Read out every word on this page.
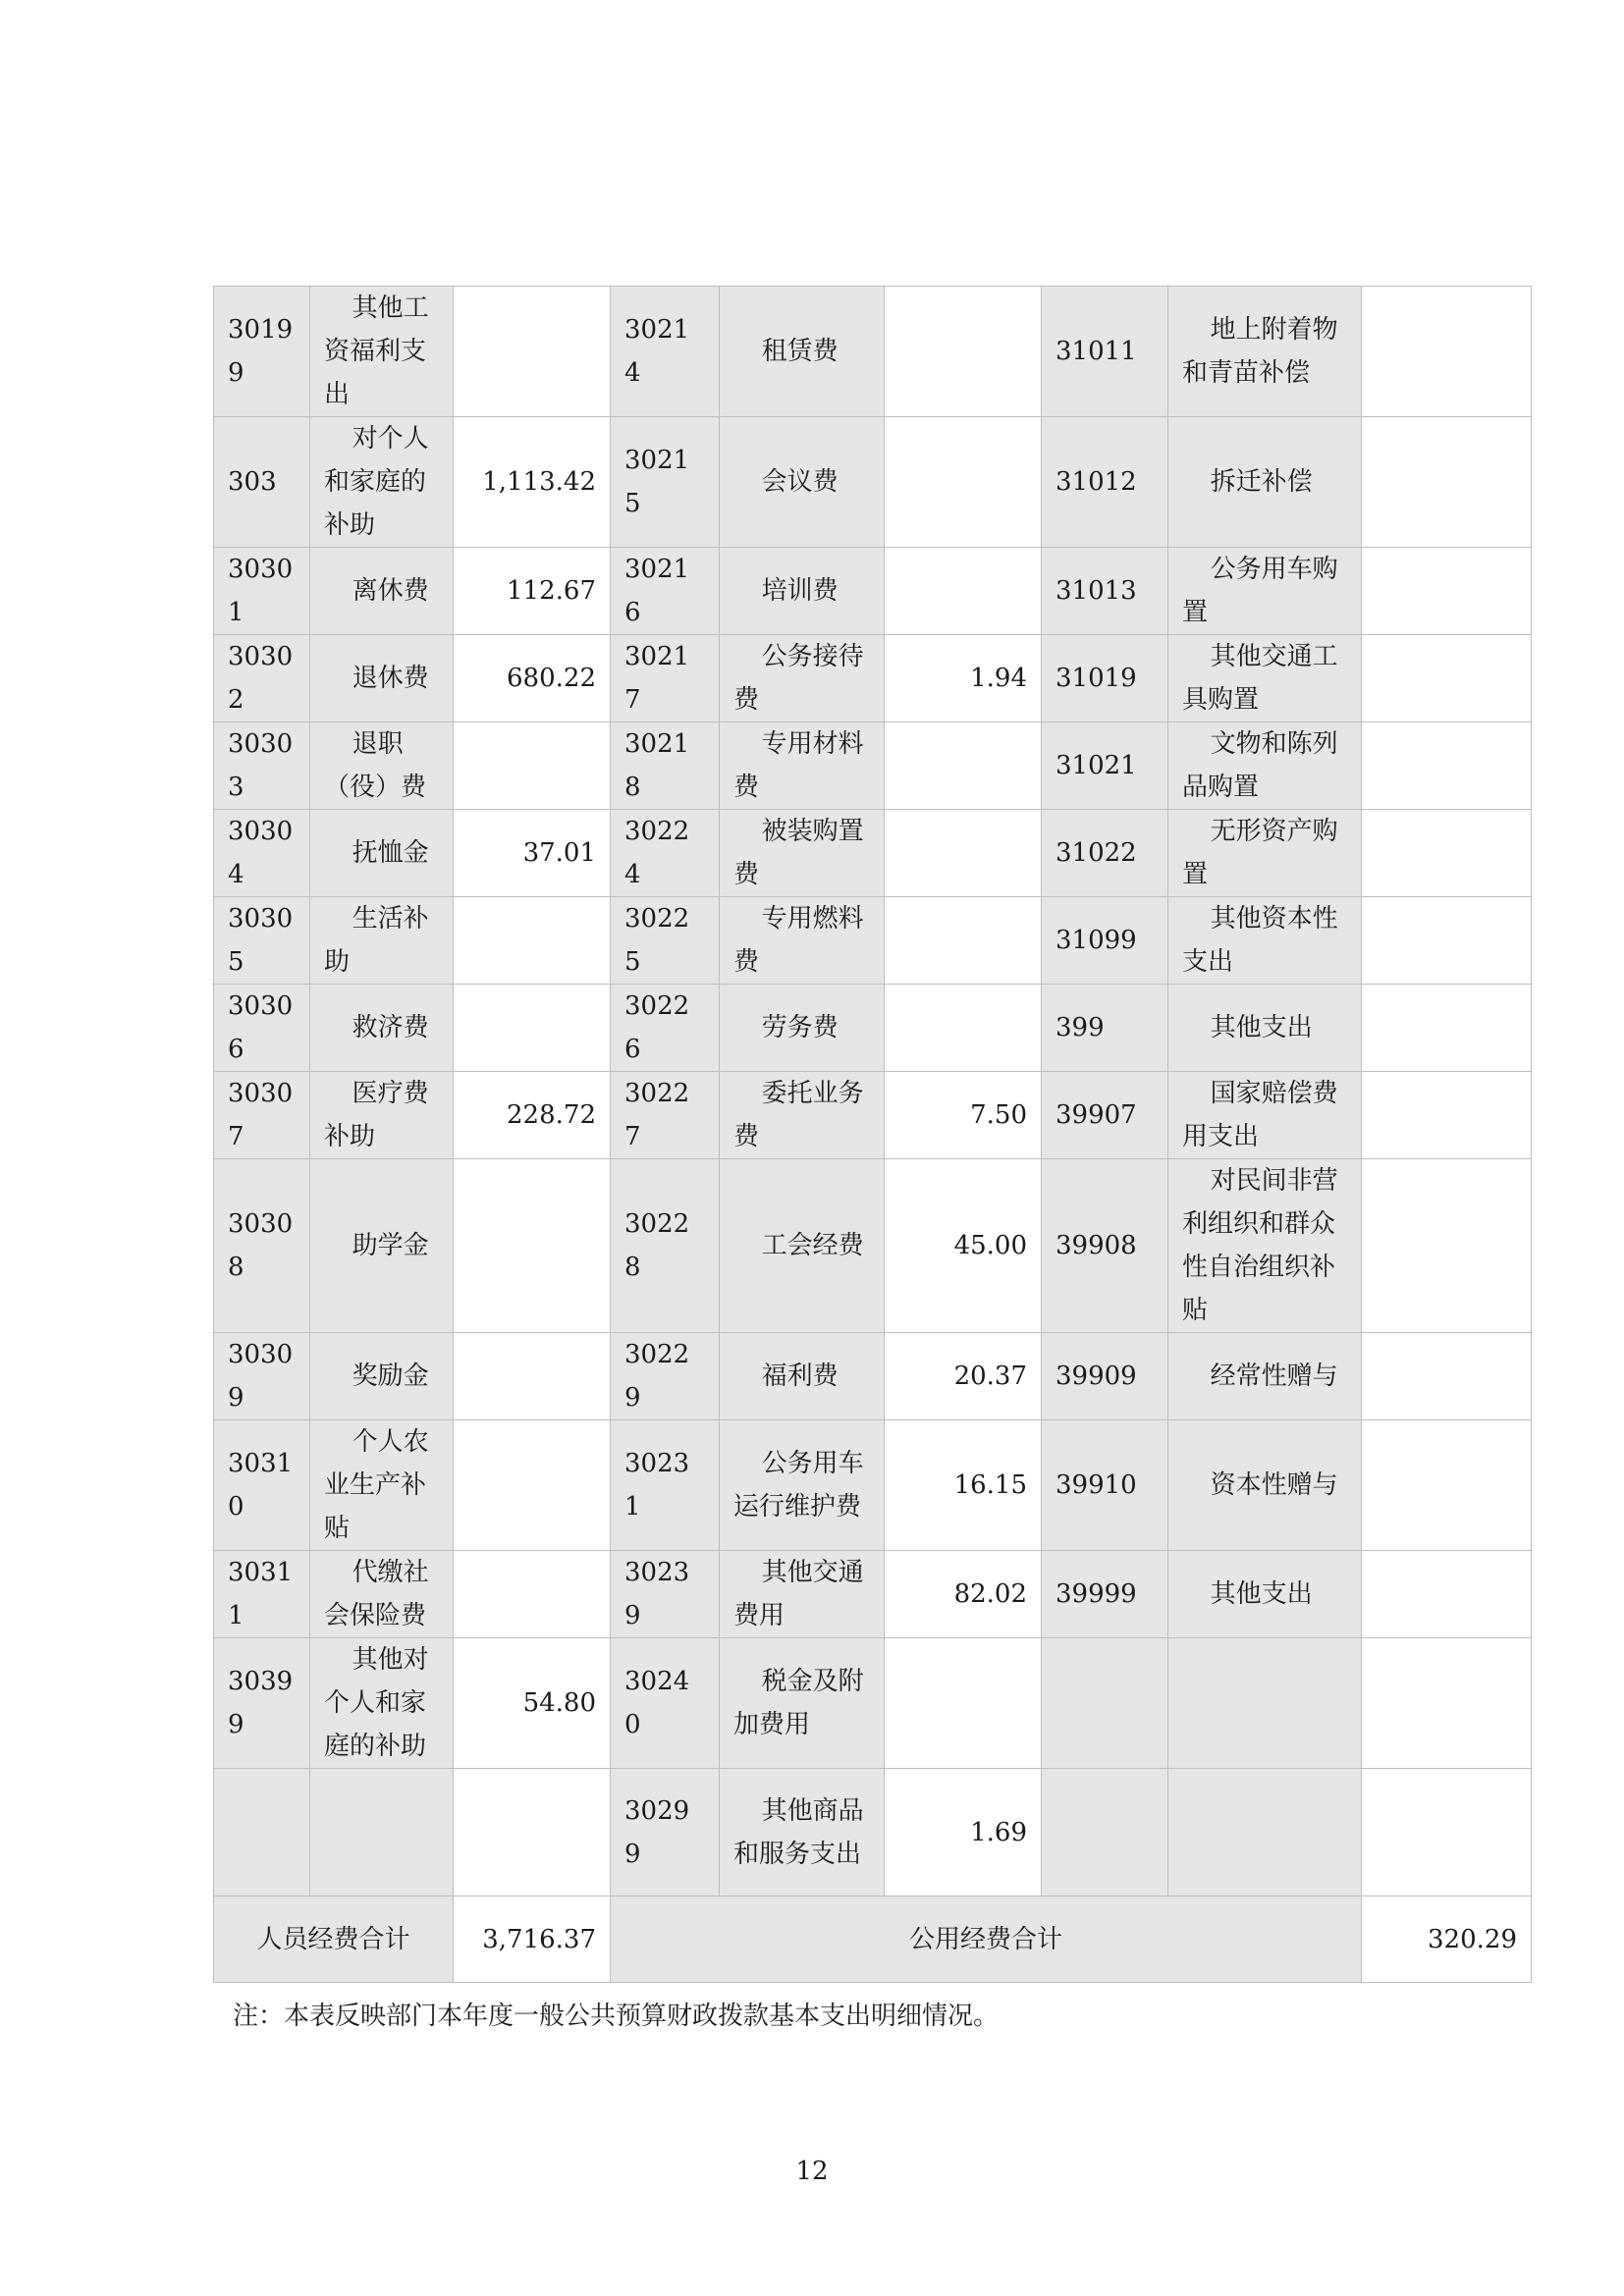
30199	其他工资福利支出		30214	租赁费		31011	地上附着物和青苗补偿	
303	对个人和家庭的补助	1,113.42	30215	会议费		31012	拆迁补偿	
30301	离休费	112.67	30216	培训费		31013	公务用车购置	
30302	退休费	680.22	30217	公务接待费	1.94	31019	其他交通工具购置	
30303	退职（役）费		30218	专用材料费		31021	文物和陈列品购置	
30304	抚恤金	37.01	30224	被装购置费		31022	无形资产购置	
30305	生活补助		30225	专用燃料费		31099	其他资本性支出	
30306	救济费		30226	劳务费		399	其他支出	
30307	医疗费补助	228.72	30227	委托业务费	7.50	39907	国家赔偿费用支出	
30308	助学金		30228	工会经费	45.00	39908	对民间非营利组织和群众性自治组织补贴	
30309	奖励金		30229	福利费	20.37	39909	经常性赠与	
30310	个人农业生产补贴		30231	公务用车运行维护费	16.15	39910	资本性赠与	
30311	代缴社会保险费		30239	其他交通费用	82.02	39999	其他支出	
30399	其他对个人和家庭的补助	54.80	30240	税金及附加费用				
			30299	其他商品和服务支出	1.69			
人员经费合计		3,716.37	公用经费合计					320.29
注：本表反映部门本年度一般公共预算财政拨款基本支出明细情况。
12
